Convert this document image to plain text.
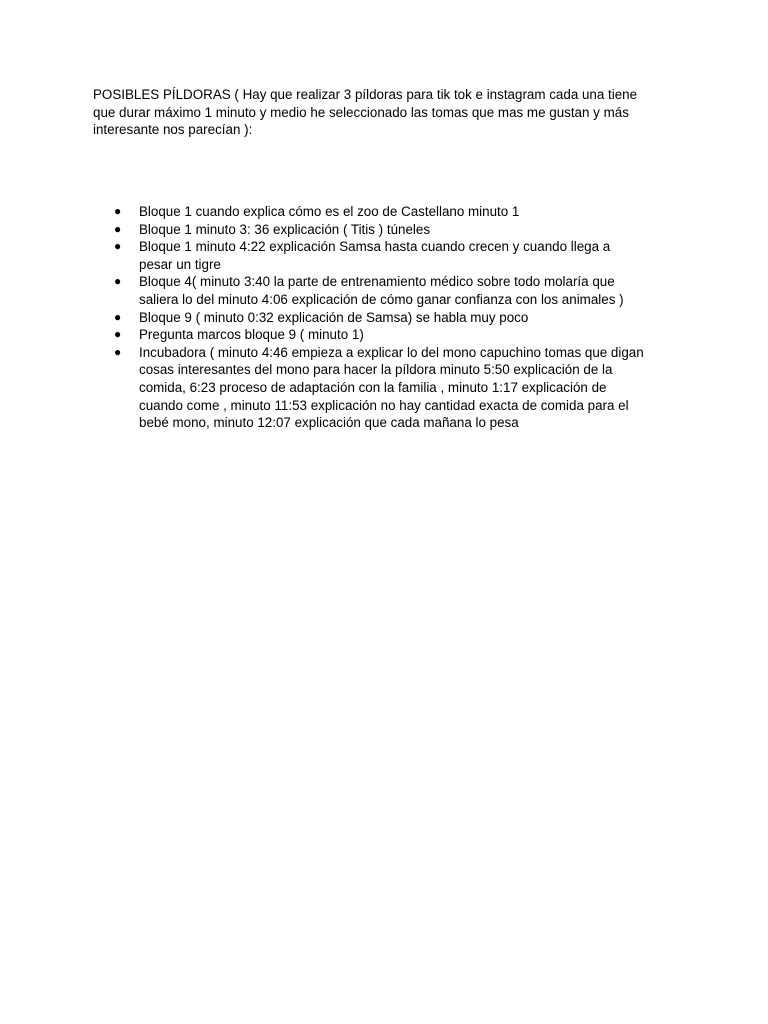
POSIBLES PÍLDORAS ( Hay que realizar 3 píldoras para tik tok e instagram cada una tiene
que durar máximo 1 minuto y medio he seleccionado las tomas que mas me gustan y más
interesante nos parecían ):

● Bloque 1 cuando explica cómo es el zoo de Castellano minuto 1
● Bloque 1 minuto 3: 36 explicación ( Titis ) túneles
● Bloque 1 minuto 4:22 explicación Samsa hasta cuando crecen y cuando llega a
pesar un tigre
● Bloque 4( minuto 3:40 la parte de entrenamiento médico sobre todo molaría que
saliera lo del minuto 4:06 explicación de cómo ganar confianza con los animales )
● Bloque 9 ( minuto 0:32 explicación de Samsa) se habla muy poco
● Pregunta marcos bloque 9 ( minuto 1)
● Incubadora ( minuto 4:46 empieza a explicar lo del mono capuchino tomas que digan
cosas interesantes del mono para hacer la píldora minuto 5:50 explicación de la
comida, 6:23 proceso de adaptación con la familia , minuto 1:17 explicación de
cuando come , minuto 11:53 explicación no hay cantidad exacta de comida para el
bebé mono, minuto 12:07 explicación que cada mañana lo pesa
